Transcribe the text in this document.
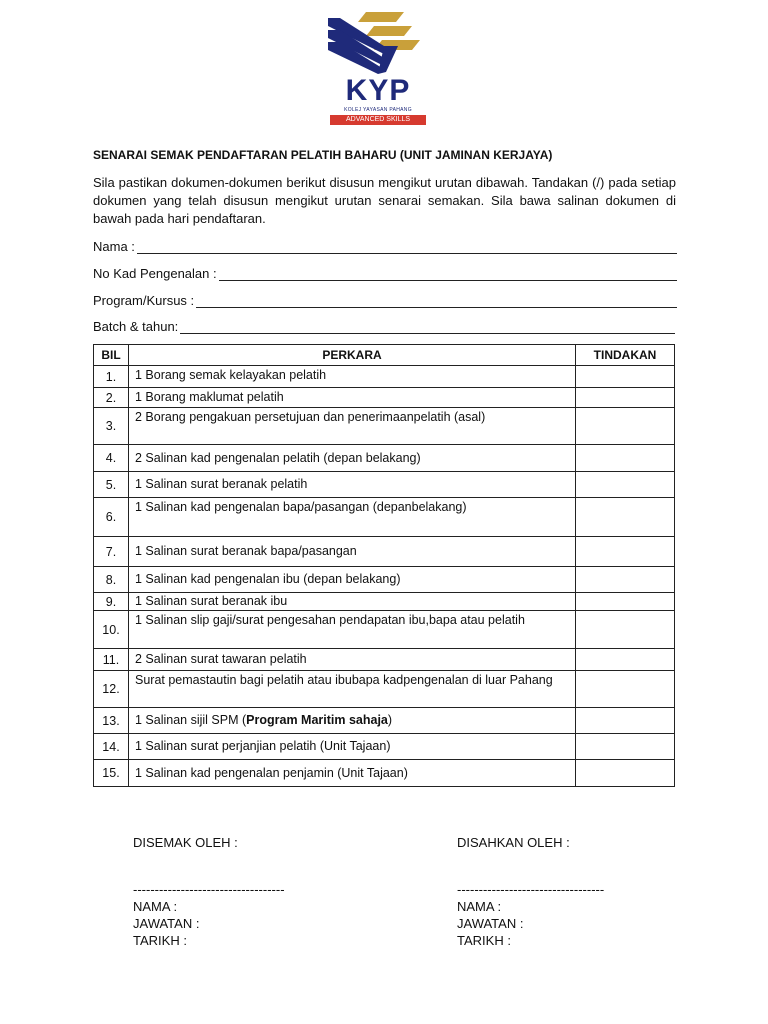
KYP
KOLEJ YAYASAN PAHANG
ADVANCED SKILLS
SENARAI SEMAK PENDAFTARAN PELATIH BAHARU (UNIT JAMINAN KERJAYA)
Sila pastikan dokumen-dokumen berikut disusun mengikut urutan dibawah. Tandakan (/) pada setiap dokumen yang telah disusun mengikut urutan senarai semakan. Sila bawa salinan dokumen di bawah pada hari pendaftaran.
Nama :
No Kad Pengenalan :
Program/Kursus :
Batch & tahun:
BIL	PERKARA	TINDAKAN
1.	1 Borang semak kelayakan pelatih	
2.	1 Borang maklumat pelatih	
3.	2 Borang pengakuan persetujuan dan penerimaanpelatih (asal)	
4.	2 Salinan kad pengenalan pelatih (depan belakang)	
5.	1 Salinan surat beranak pelatih	
6.	1 Salinan kad pengenalan bapa/pasangan (depanbelakang)	
7.	1 Salinan surat beranak bapa/pasangan	
8.	1 Salinan kad pengenalan ibu (depan belakang)	
9.	1 Salinan surat beranak ibu	
10.	1 Salinan slip gaji/surat pengesahan pendapatan ibu,bapa atau pelatih	
11.	2 Salinan surat tawaran pelatih	
12.	Surat pemastautin bagi pelatih atau ibubapa kadpengenalan di luar Pahang	
13.	1 Salinan sijil SPM (Program Maritim sahaja)	
14.	1 Salinan surat perjanjian pelatih (Unit Tajaan)	
15.	1 Salinan kad pengenalan penjamin (Unit Tajaan)	
DISEMAK OLEH :
-----------------------------------
NAMA :
JAWATAN :
TARIKH :
DISAHKAN OLEH :
----------------------------------
NAMA :
JAWATAN :
TARIKH :
